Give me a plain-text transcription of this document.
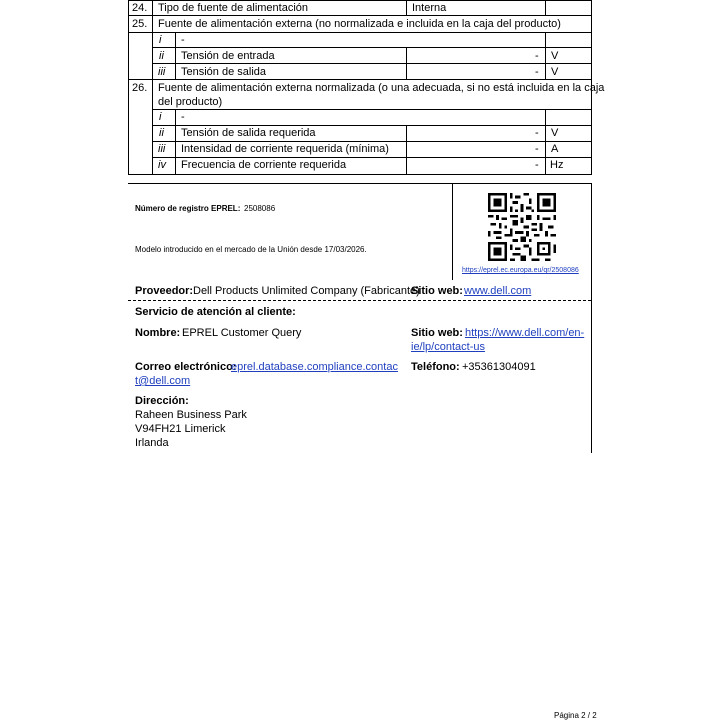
24. Tipo de fuente de alimentación	Interna
25. Fuente de alimentación externa (no normalizada e incluida en la caja del producto)
i -
ii Tensión de entrada	- V
iii Tensión de salida	- V
26. Fuente de alimentación externa normalizada (o una adecuada, si no está incluida en la caja
del producto)
i -
ii Tensión de salida requerida	- V
iii Intensidad de corriente requerida (mínima)	- A
iv Frecuencia de corriente requerida	- Hz
Número de registro EPREL: 2508086
Modelo introducido en el mercado de la Unión desde 17/03/2026.
https://eprel.ec.europa.eu/qr/2508086
Proveedor: Dell Products Unlimited Company (Fabricante)
Sitio web: www.dell.com
Servicio de atención al cliente:
Nombre: EPREL Customer Query	Sitio web: https://www.dell.com/en-
ie/lp/contact-us
Correo electrónico:
eprel.database.compliance.contac
t@dell.com
Teléfono: +35361304091
Dirección:
Raheen Business Park
V94FH21 Limerick
Irlanda
Página 2 / 2
